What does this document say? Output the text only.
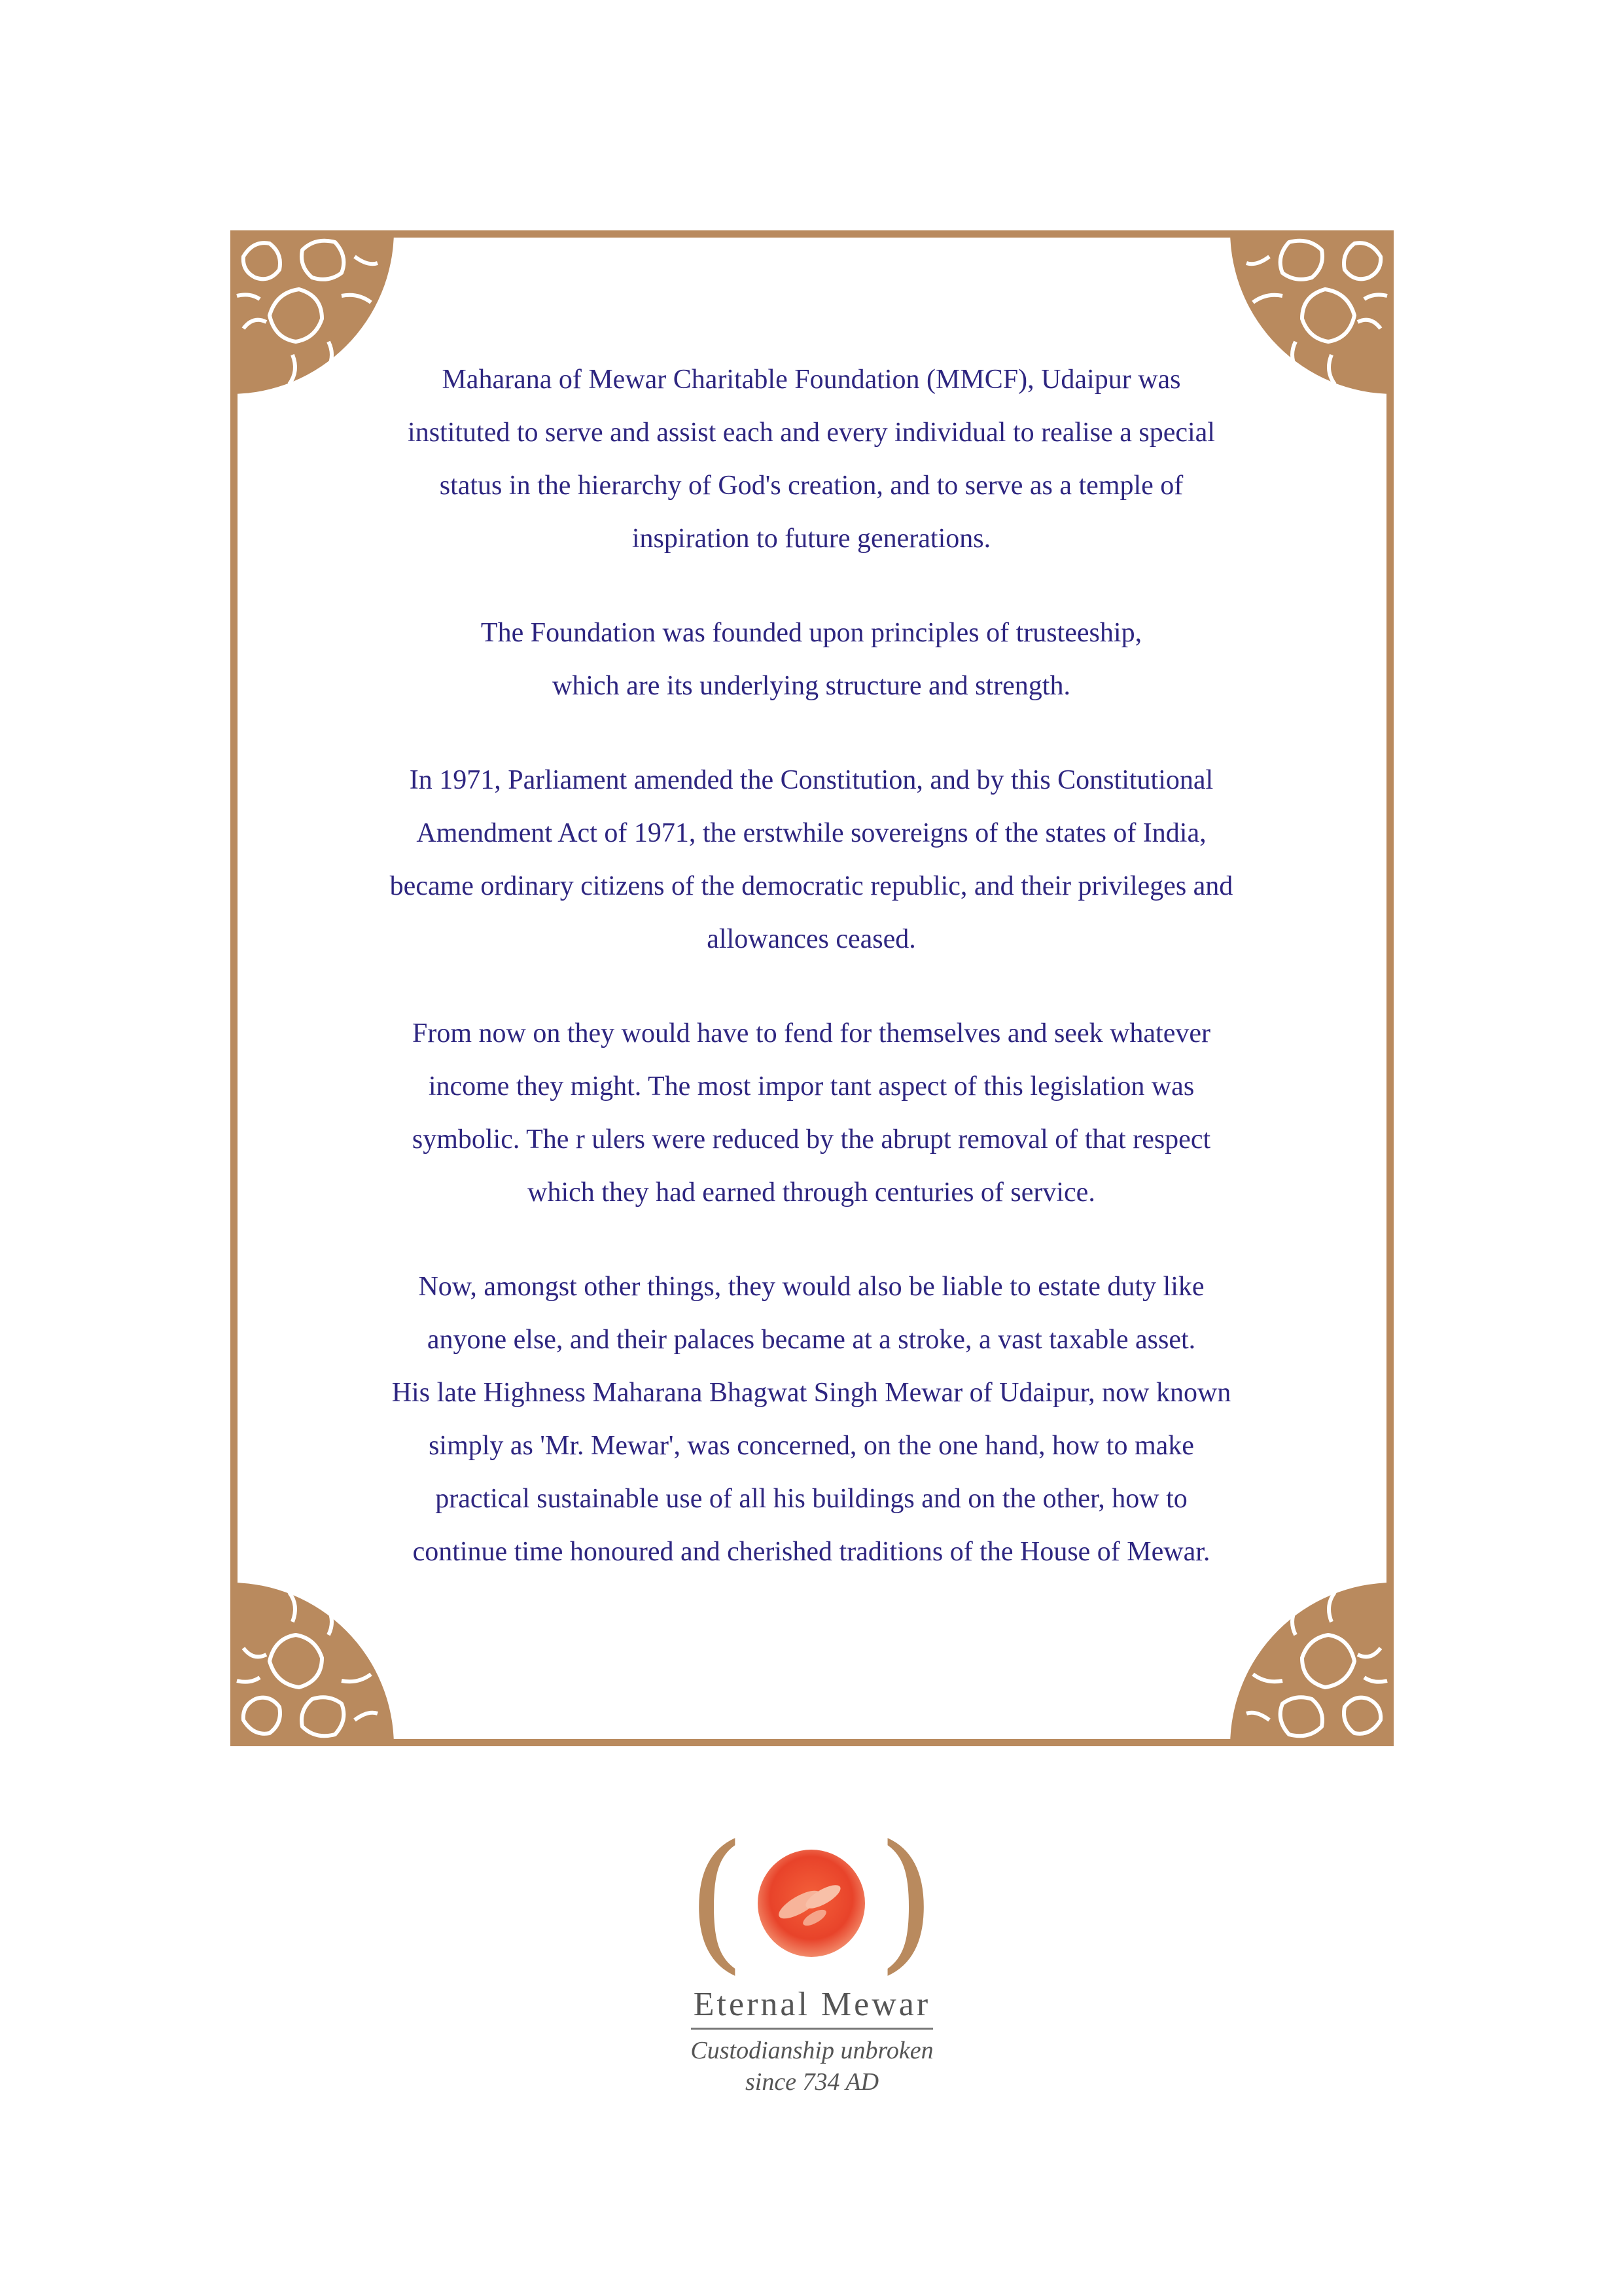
Maharana of Mewar Charitable Foundation (MMCF), Udaipur was
instituted to serve and assist each and every individual to realise a special
status in the hierarchy of God's creation, and to serve as a temple of
inspiration to future generations.

The Foundation was founded upon principles of trusteeship,
which are its underlying structure and strength.

In 1971, Parliament amended the Constitution, and by this Constitutional
Amendment Act of 1971, the erstwhile sovereigns of the states of India,
became ordinary citizens of the democratic republic, and their privileges and
allowances ceased.

From now on they would have to fend for themselves and seek whatever
income they might. The most impor tant aspect of this legislation was
symbolic. The r ulers were reduced by the abrupt removal of that respect
which they had earned through centuries of service.

Now, amongst other things, they would also be liable to estate duty like
anyone else, and their palaces became at a stroke, a vast taxable asset.
His late Highness Maharana Bhagwat Singh Mewar of Udaipur, now known
simply as 'Mr. Mewar', was concerned, on the one hand, how to make
practical sustainable use of all his buildings and on the other, how to
continue time honoured and cherished traditions of the House of Mewar.

( )
Eternal Mewar
Custodianship unbroken
since 734 AD
